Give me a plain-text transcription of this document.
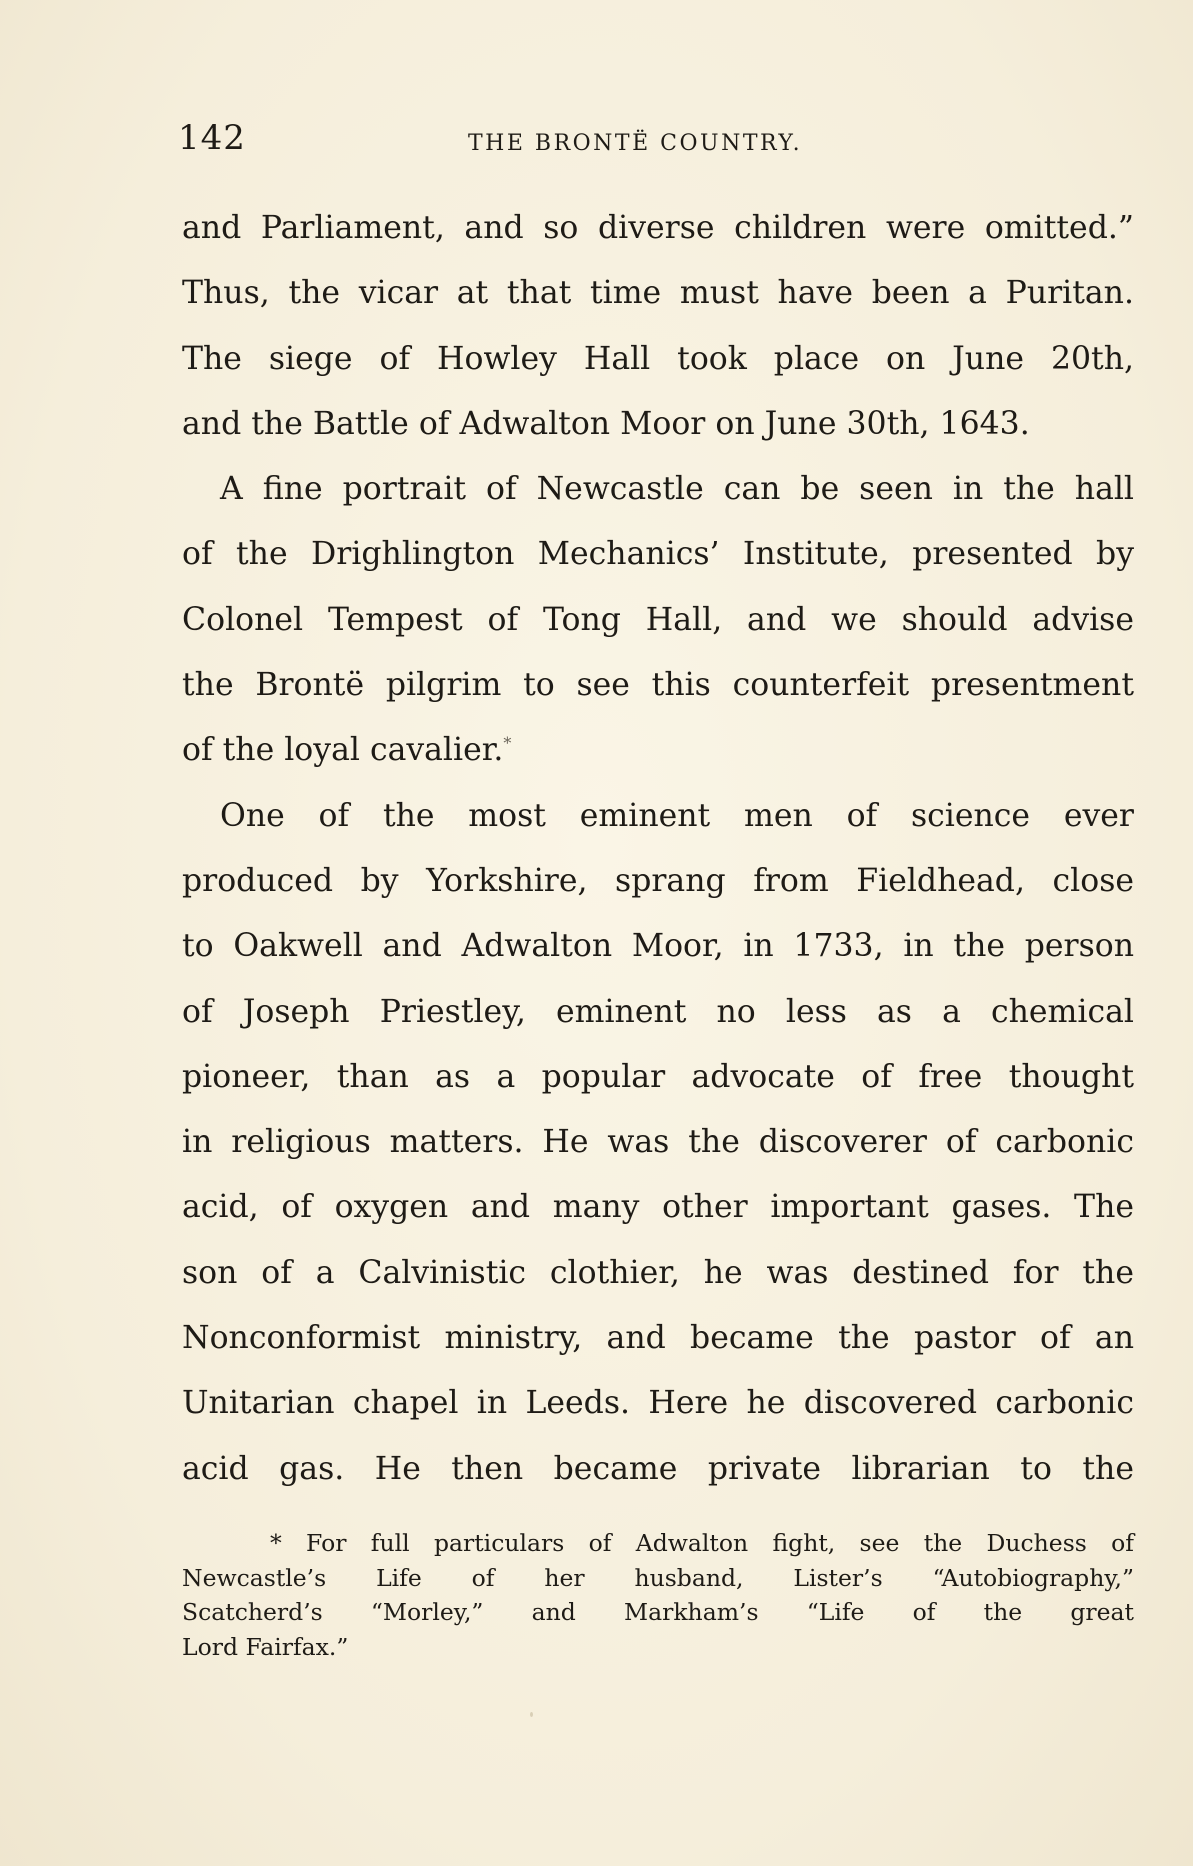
142	THE BRONTË COUNTRY.
and Parliament, and so diverse children were omitted.”
Thus, the vicar at that time must have been a Puritan.
The siege of Howley Hall took place on June 20th,
and the Battle of Adwalton Moor on June 30th, 1643.
A fine portrait of Newcastle can be seen in the hall
of the Drighlington Mechanics’ Institute, presented by
Colonel Tempest of Tong Hall, and we should advise
the Brontë pilgrim to see this counterfeit presentment
of the loyal cavalier.*
One of the most eminent men of science ever
produced by Yorkshire, sprang from Fieldhead, close
to Oakwell and Adwalton Moor, in 1733, in the person
of Joseph Priestley, eminent no less as a chemical
pioneer, than as a popular advocate of free thought
in religious matters. He was the discoverer of carbonic
acid, of oxygen and many other important gases. The
son of a Calvinistic clothier, he was destined for the
Nonconformist ministry, and became the pastor of an
Unitarian chapel in Leeds. Here he discovered carbonic
acid gas. He then became private librarian to the
* For full particulars of Adwalton fight, see the Duchess of
Newcastle’s Life of her husband, Lister’s “Autobiography,”
Scatcherd’s “Morley,” and Markham’s “Life of the great
Lord Fairfax.”
